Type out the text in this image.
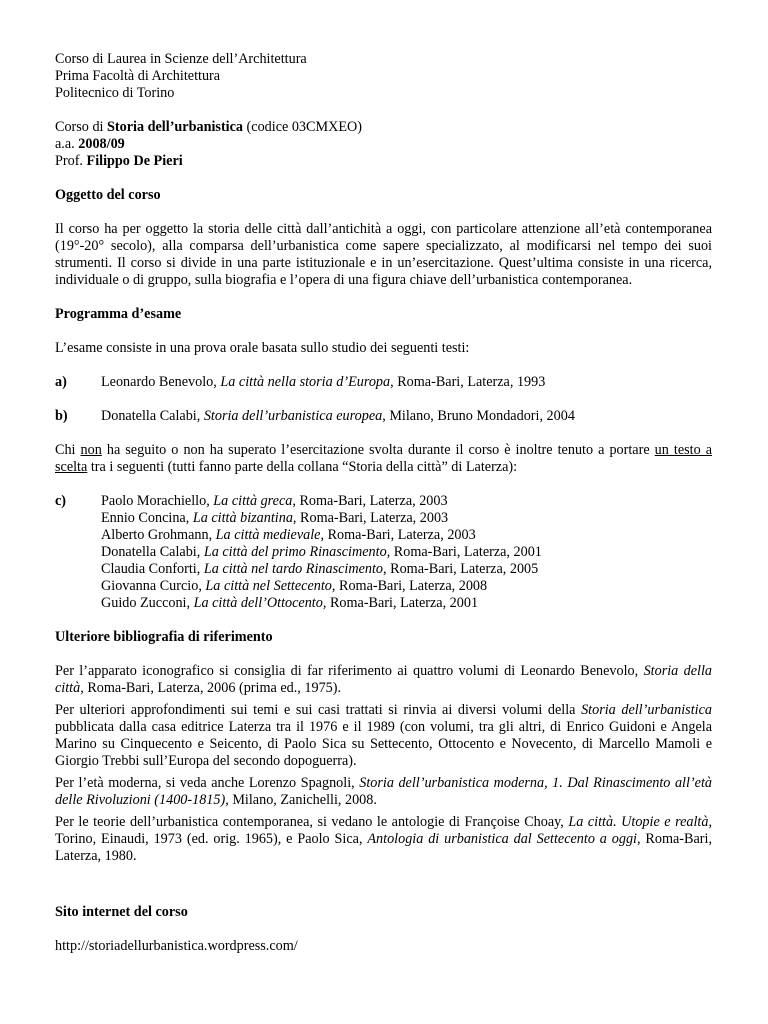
Corso di Laurea in Scienze dell’Architettura
Prima Facoltà di Architettura
Politecnico di Torino
Corso di Storia dell’urbanistica (codice 03CMXEO)
a.a. 2008/09
Prof. Filippo De Pieri
Oggetto del corso

Il corso ha per oggetto la storia delle città dall’antichità a oggi, con particolare attenzione all’età contemporanea (19°-20° secolo), alla comparsa dell’urbanistica come sapere specializzato, al modificarsi nel tempo dei suoi strumenti. Il corso si divide in una parte istituzionale e in un’esercitazione. Quest’ultima consiste in una ricerca, individuale o di gruppo, sulla biografia e l’opera di una figura chiave dell’urbanistica contemporanea.

Programma d’esame

L’esame consiste in una prova orale basata sullo studio dei seguenti testi:

a)	Leonardo Benevolo, La città nella storia d’Europa, Roma-Bari, Laterza, 1993
b)	Donatella Calabi, Storia dell’urbanistica europea, Milano, Bruno Mondadori, 2004

Chi non ha seguito o non ha superato l’esercitazione svolta durante il corso è inoltre tenuto a portare un testo a scelta tra i seguenti (tutti fanno parte della collana “Storia della città” di Laterza):

c)	Paolo Morachiello, La città greca, Roma-Bari, Laterza, 2003
Ennio Concina, La città bizantina, Roma-Bari, Laterza, 2003
Alberto Grohmann, La città medievale, Roma-Bari, Laterza, 2003
Donatella Calabi, La città del primo Rinascimento, Roma-Bari, Laterza, 2001
Claudia Conforti, La città nel tardo Rinascimento, Roma-Bari, Laterza, 2005
Giovanna Curcio, La città nel Settecento, Roma-Bari, Laterza, 2008
Guido Zucconi, La città dell’Ottocento, Roma-Bari, Laterza, 2001
Ulteriore bibliografia di riferimento

Per l’apparato iconografico si consiglia di far riferimento ai quattro volumi di Leonardo Benevolo, Storia della città, Roma-Bari, Laterza, 2006 (prima ed., 1975).

Per ulteriori approfondimenti sui temi e sui casi trattati si rinvia ai diversi volumi della Storia dell’urbanistica pubblicata dalla casa editrice Laterza tra il 1976 e il 1989 (con volumi, tra gli altri, di Enrico Guidoni e Angela Marino su Cinquecento e Seicento, di Paolo Sica su Settecento, Ottocento e Novecento, di Marcello Mamoli e Giorgio Trebbi sull’Europa del secondo dopoguerra).

Per l’età moderna, si veda anche Lorenzo Spagnoli, Storia dell’urbanistica moderna, 1. Dal Rinascimento all’età delle Rivoluzioni (1400-1815), Milano, Zanichelli, 2008.

Per le teorie dell’urbanistica contemporanea, si vedano le antologie di Françoise Choay, La città. Utopie e realtà, Torino, Einaudi, 1973 (ed. orig. 1965), e Paolo Sica, Antologia di urbanistica dal Settecento a oggi, Roma-Bari, Laterza, 1980.

Sito internet del corso
http://storiadellurbanistica.wordpress.com/
